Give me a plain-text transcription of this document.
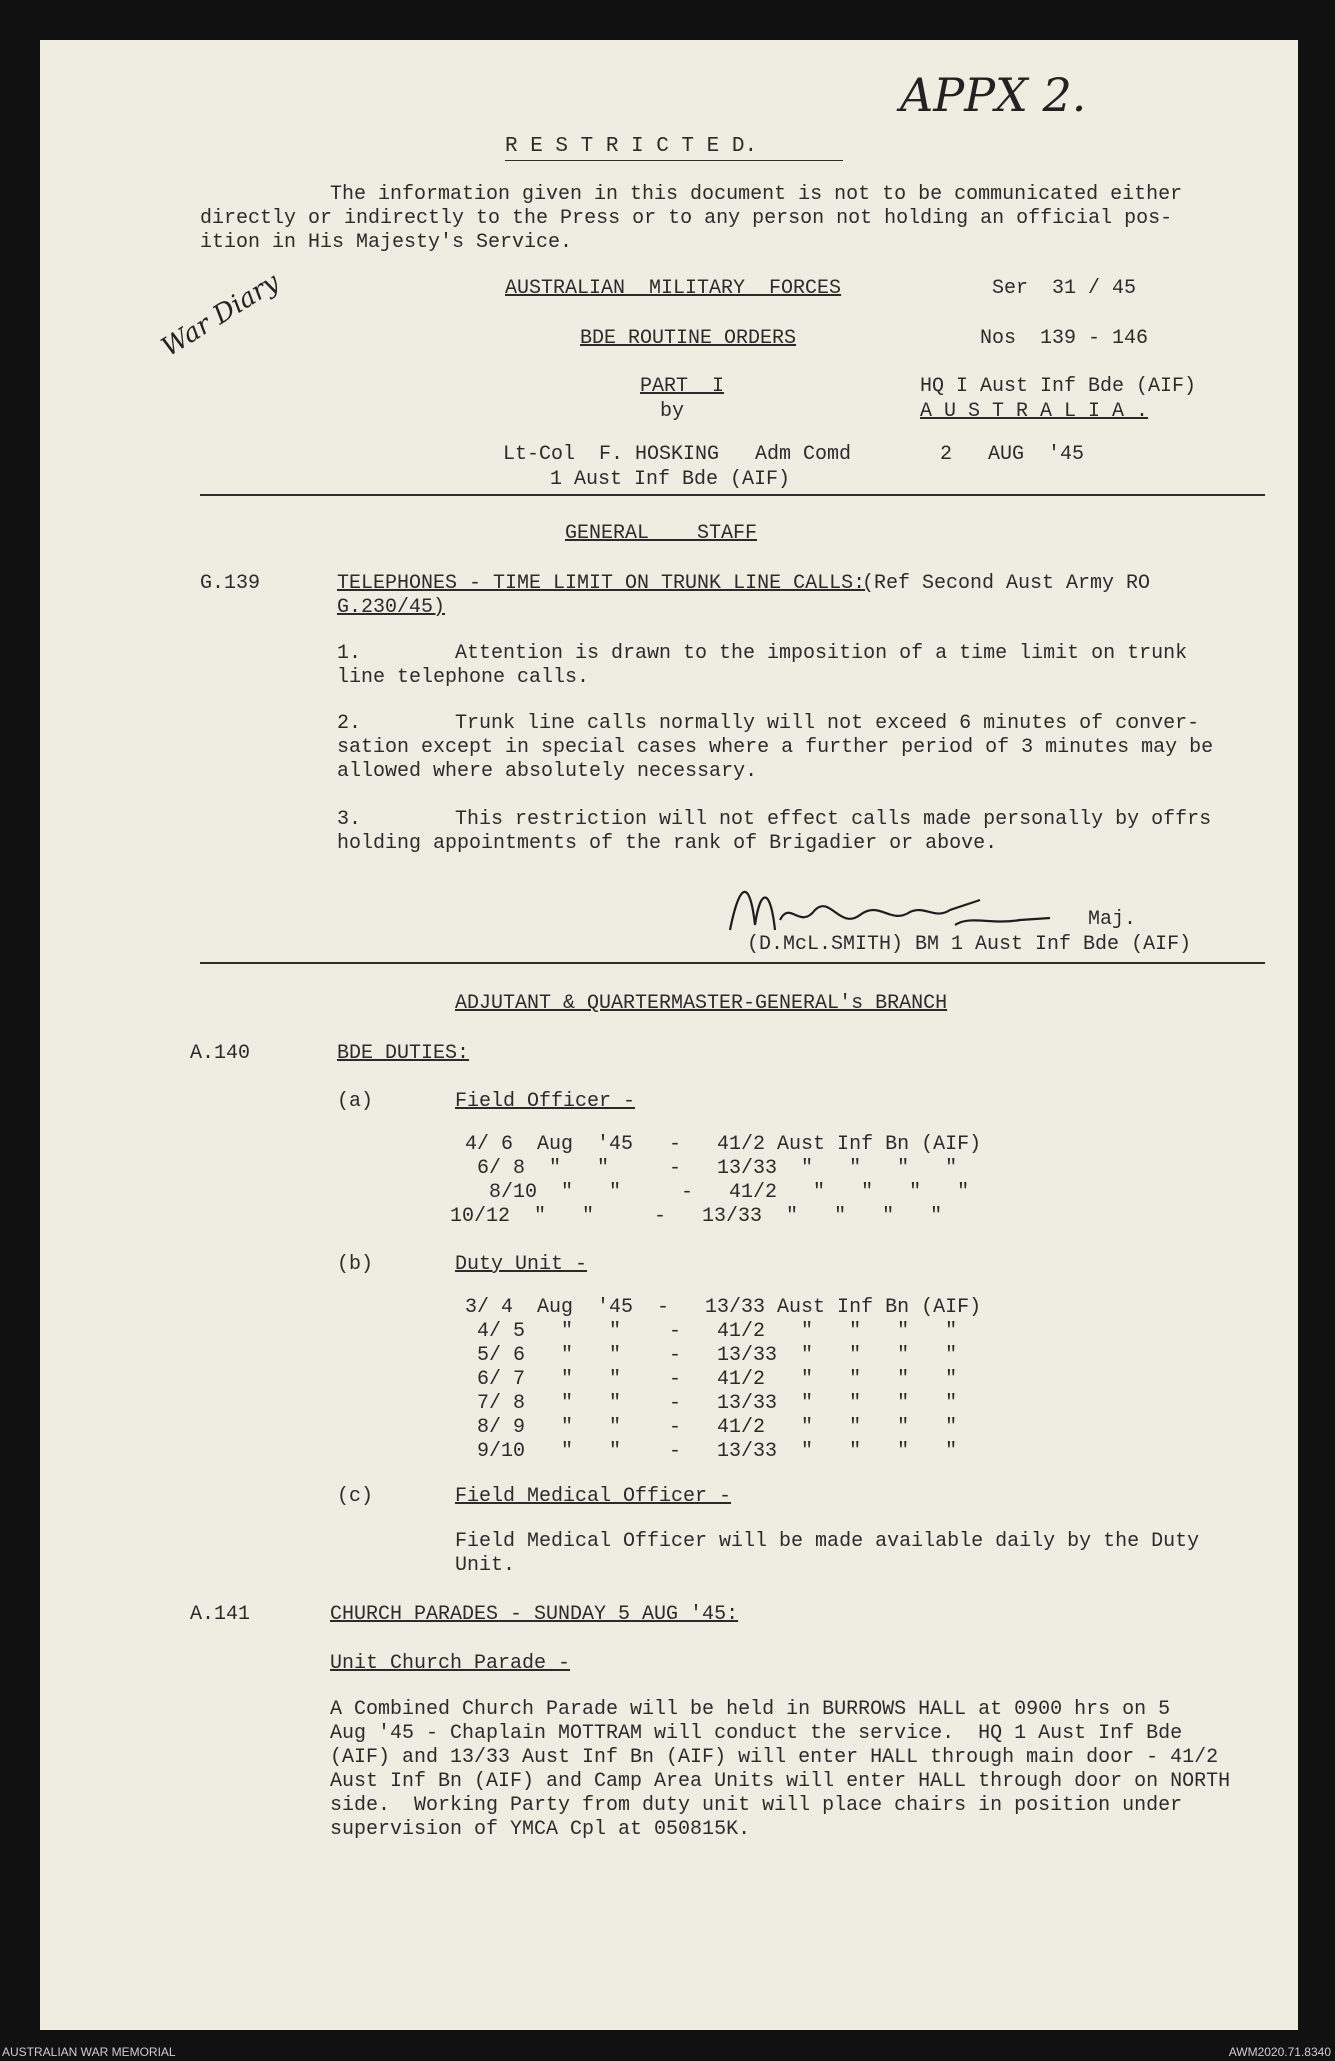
APPX 2.
War Diary
R E S T R I C T E D.
The information given in this document is not to be communicated either
directly or indirectly to the Press or to any person not holding an official pos-
ition in His Majesty's Service.
AUSTRALIAN  MILITARY  FORCES	Ser  31 / 45
BDE ROUTINE ORDERS	Nos  139 - 146
PART  I	HQ I Aust Inf Bde (AIF)
by	A U S T R A L I A .
Lt-Col  F. HOSKING   Adm Comd	2   AUG  '45
1 Aust Inf Bde (AIF)
GENERAL    STAFF
G.139	TELEPHONES - TIME LIMIT ON TRUNK LINE CALLS:
(Ref Second Aust Army RO
G.230/45)
1.	Attention is drawn to the imposition of a time limit on trunk
line telephone calls.
2.	Trunk line calls normally will not exceed 6 minutes of conver-
sation except in special cases where a further period of 3 minutes may be
allowed where absolutely necessary.
3.	This restriction will not effect calls made personally by offrs
holding appointments of the rank of Brigadier or above.
Maj.
(D.McL.SMITH) BM 1 Aust Inf Bde (AIF)
ADJUTANT & QUARTERMASTER-GENERAL's BRANCH
A.140	BDE DUTIES:
(a)	Field Officer -
4/ 6  Aug  '45   -   41/2 Aust Inf Bn (AIF)
6/ 8  "   "     -   13/33  "   "   "   "
8/10  "   "     -   41/2   "   "   "   "
10/12  "   "     -   13/33  "   "   "   "
(b)	Duty Unit -
3/ 4  Aug  '45  -   13/33 Aust Inf Bn (AIF)
4/ 5   "   "    -   41/2   "   "   "   "
5/ 6   "   "    -   13/33  "   "   "   "
6/ 7   "   "    -   41/2   "   "   "   "
7/ 8   "   "    -   13/33  "   "   "   "
8/ 9   "   "    -   41/2   "   "   "   "
9/10   "   "    -   13/33  "   "   "   "
(c)	Field Medical Officer -
Field Medical Officer will be made available daily by the Duty
Unit.
A.141	CHURCH PARADES - SUNDAY 5 AUG '45:
Unit Church Parade -
A Combined Church Parade will be held in BURROWS HALL at 0900 hrs on 5
Aug '45 - Chaplain MOTTRAM will conduct the service.  HQ 1 Aust Inf Bde
(AIF) and 13/33 Aust Inf Bn (AIF) will enter HALL through main door - 41/2
Aust Inf Bn (AIF) and Camp Area Units will enter HALL through door on NORTH
side.  Working Party from duty unit will place chairs in position under
supervision of YMCA Cpl at 050815K.
AUSTRALIAN WAR MEMORIAL	AWM2020.71.8340
